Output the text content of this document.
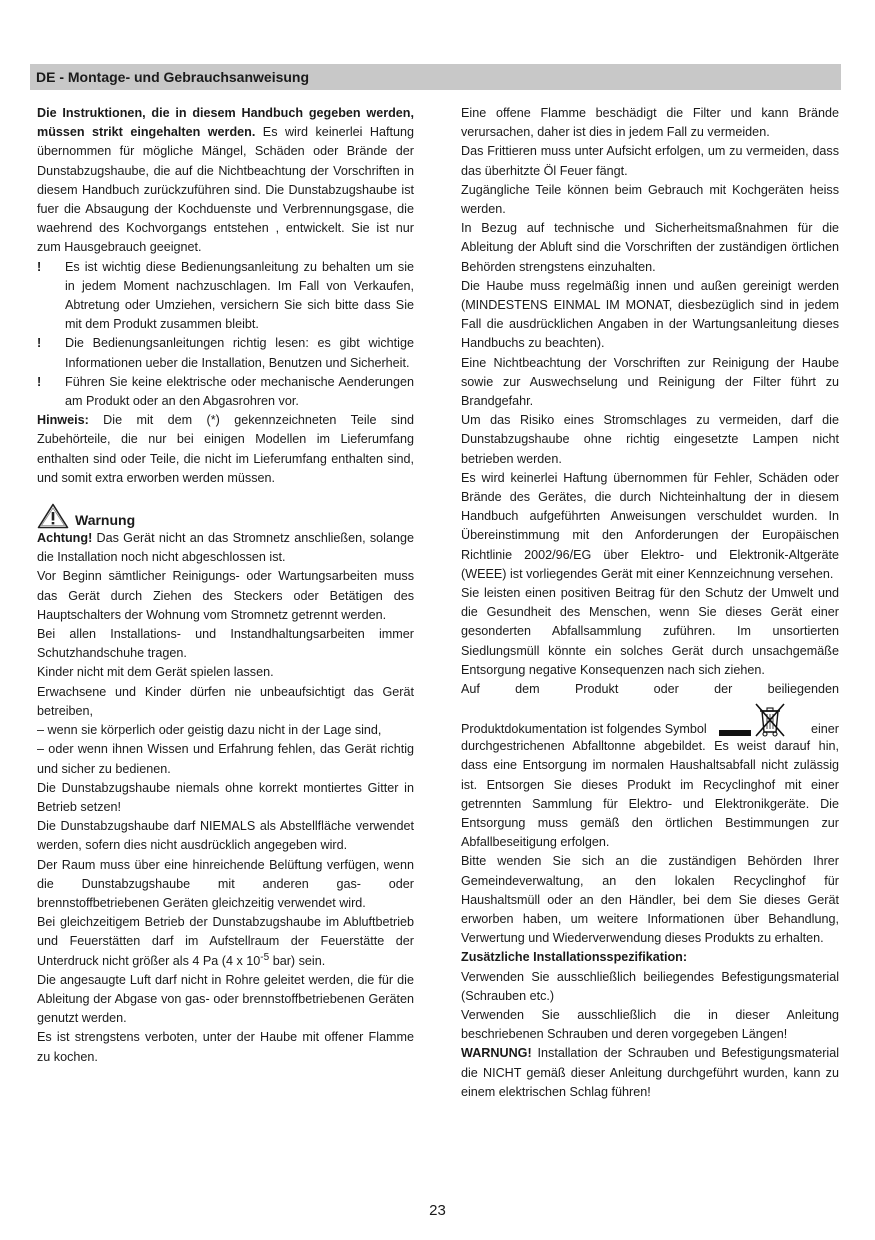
DE - Montage- und Gebrauchsanweisung

Die Instruktionen, die in diesem Handbuch gegeben werden, müssen strikt eingehalten werden. Es wird keinerlei Haftung übernommen für mögliche Mängel, Schäden oder Brände der Dunstabzugshaube, die auf die Nichtbeachtung der Vorschriften in diesem Handbuch zurückzuführen sind. Die Dunstabzugshaube ist fuer die Absaugung der Kochduenste und Verbrennungsgase, die waehrend des Kochvorgangs entstehen , entwickelt. Sie ist nur zum Hausgebrauch geeignet.

!	Es ist wichtig diese Bedienungsanleitung zu behalten um sie in jedem Moment nachzuschlagen. Im Fall von Verkaufen, Abtretung oder Umziehen, versichern Sie sich bitte dass Sie mit dem Produkt zusammen bleibt.
!	Die Bedienungsanleitungen richtig lesen: es gibt wichtige Informationen ueber die Installation, Benutzen und Sicherheit.
!	Führen Sie keine elektrische oder mechanische Aenderungen am Produkt oder an den Abgasrohren vor.

Hinweis: Die mit dem (*) gekennzeichneten Teile sind Zubehörteile, die nur bei einigen Modellen im Lieferumfang enthalten sind oder Teile, die nicht im Lieferumfang enthalten sind, und somit extra erworben werden müssen.

Warnung

Achtung! Das Gerät nicht an das Stromnetz anschließen, solange die Installation noch nicht abgeschlossen ist.

Vor Beginn sämtlicher Reinigungs- oder Wartungsarbeiten muss das Gerät durch Ziehen des Steckers oder Betätigen des Hauptschalters der Wohnung vom Stromnetz getrennt werden.

Bei allen Installations- und Instandhaltungsarbeiten immer Schutzhandschuhe tragen.

Kinder nicht mit dem Gerät spielen lassen.

Erwachsene und Kinder dürfen nie unbeaufsichtigt das Gerät betreiben,

– wenn sie körperlich oder geistig dazu nicht in der Lage sind,

– oder wenn ihnen Wissen und Erfahrung fehlen, das Gerät richtig und sicher zu bedienen.

Die Dunstabzugshaube niemals ohne korrekt montiertes Gitter in Betrieb setzen!

Die Dunstabzugshaube darf NIEMALS als Abstellfläche verwendet werden, sofern dies nicht ausdrücklich angegeben wird.

Der Raum muss über eine hinreichende Belüftung verfügen, wenn die Dunstabzugshaube mit anderen gas- oder brennstoffbetriebenen Geräten gleichzeitig verwendet wird.

Bei gleichzeitigem Betrieb der Dunstabzugshaube im Abluftbetrieb und Feuerstätten darf im Aufstellraum der Feuerstätte der Unterdruck nicht größer als 4 Pa (4 x $10^{-5}$ bar) sein.

Die angesaugte Luft darf nicht in Rohre geleitet werden, die für die Ableitung der Abgase von gas- oder brennstoffbetriebenen Geräten genutzt werden.

Es ist strengstens verboten, unter der Haube mit offener Flamme zu kochen.

Eine offene Flamme beschädigt die Filter und kann Brände verursachen, daher ist dies in jedem Fall zu vermeiden.

Das Frittieren muss unter Aufsicht erfolgen, um zu vermeiden, dass das überhitzte Öl Feuer fängt.

Zugängliche Teile können beim Gebrauch mit Kochgeräten heiss werden.

In Bezug auf technische und Sicherheitsmaßnahmen für die Ableitung der Abluft sind die Vorschriften der zuständigen örtlichen Behörden strengstens einzuhalten.

Die Haube muss regelmäßig innen und außen gereinigt werden (MINDESTENS EINMAL IM MONAT, diesbezüglich sind in jedem Fall die ausdrücklichen Angaben in der Wartungsanleitung dieses Handbuchs zu beachten).

Eine Nichtbeachtung der Vorschriften zur Reinigung der Haube sowie zur Auswechselung und Reinigung der Filter führt zu Brandgefahr.

Um das Risiko eines Stromschlages zu vermeiden, darf die Dunstabzugshaube ohne richtig eingesetzte Lampen nicht betrieben werden.

Es wird keinerlei Haftung übernommen für Fehler, Schäden oder Brände des Gerätes, die durch Nichteinhaltung der in diesem Handbuch aufgeführten Anweisungen verschuldet wurden. In Übereinstimmung mit den Anforderungen der Europäischen Richtlinie 2002/96/EG über Elektro- und Elektronik-Altgeräte (WEEE) ist vorliegendes Gerät mit einer Kennzeichnung versehen.

Sie leisten einen positiven Beitrag für den Schutz der Umwelt und die Gesundheit des Menschen, wenn Sie dieses Gerät einer gesonderten Abfallsammlung zuführen. Im unsortierten Siedlungsmüll könnte ein solches Gerät durch unsachgemäße Entsorgung negative Konsequenzen nach sich ziehen.

Auf	dem	Produkt	oder	der	beiliegenden
Produktdokumentation ist folgendes Symbol	einer

durchgestrichenen Abfalltonne abgebildet. Es weist darauf hin, dass eine Entsorgung im normalen Haushaltsabfall nicht zulässig ist. Entsorgen Sie dieses Produkt im Recyclinghof mit einer getrennten Sammlung für Elektro- und Elektronikgeräte. Die Entsorgung muss gemäß den örtlichen Bestimmungen zur Abfallbeseitigung erfolgen.

Bitte wenden Sie sich an die zuständigen Behörden Ihrer Gemeindeverwaltung, an den lokalen Recyclinghof für Haushaltsmüll oder an den Händler, bei dem Sie dieses Gerät erworben haben, um weitere Informationen über Behandlung, Verwertung und Wiederverwendung dieses Produkts zu erhalten.

Zusätzliche Installationsspezifikation:

Verwenden Sie ausschließlich beiliegendes Befestigungsmaterial (Schrauben etc.)

Verwenden Sie ausschließlich die in dieser Anleitung beschriebenen Schrauben und deren vorgegeben Längen!

WARNUNG! Installation der Schrauben und Befestigungsmaterial die NICHT gemäß dieser Anleitung durchgeführt wurden, kann zu einem elektrischen Schlag führen!

23
